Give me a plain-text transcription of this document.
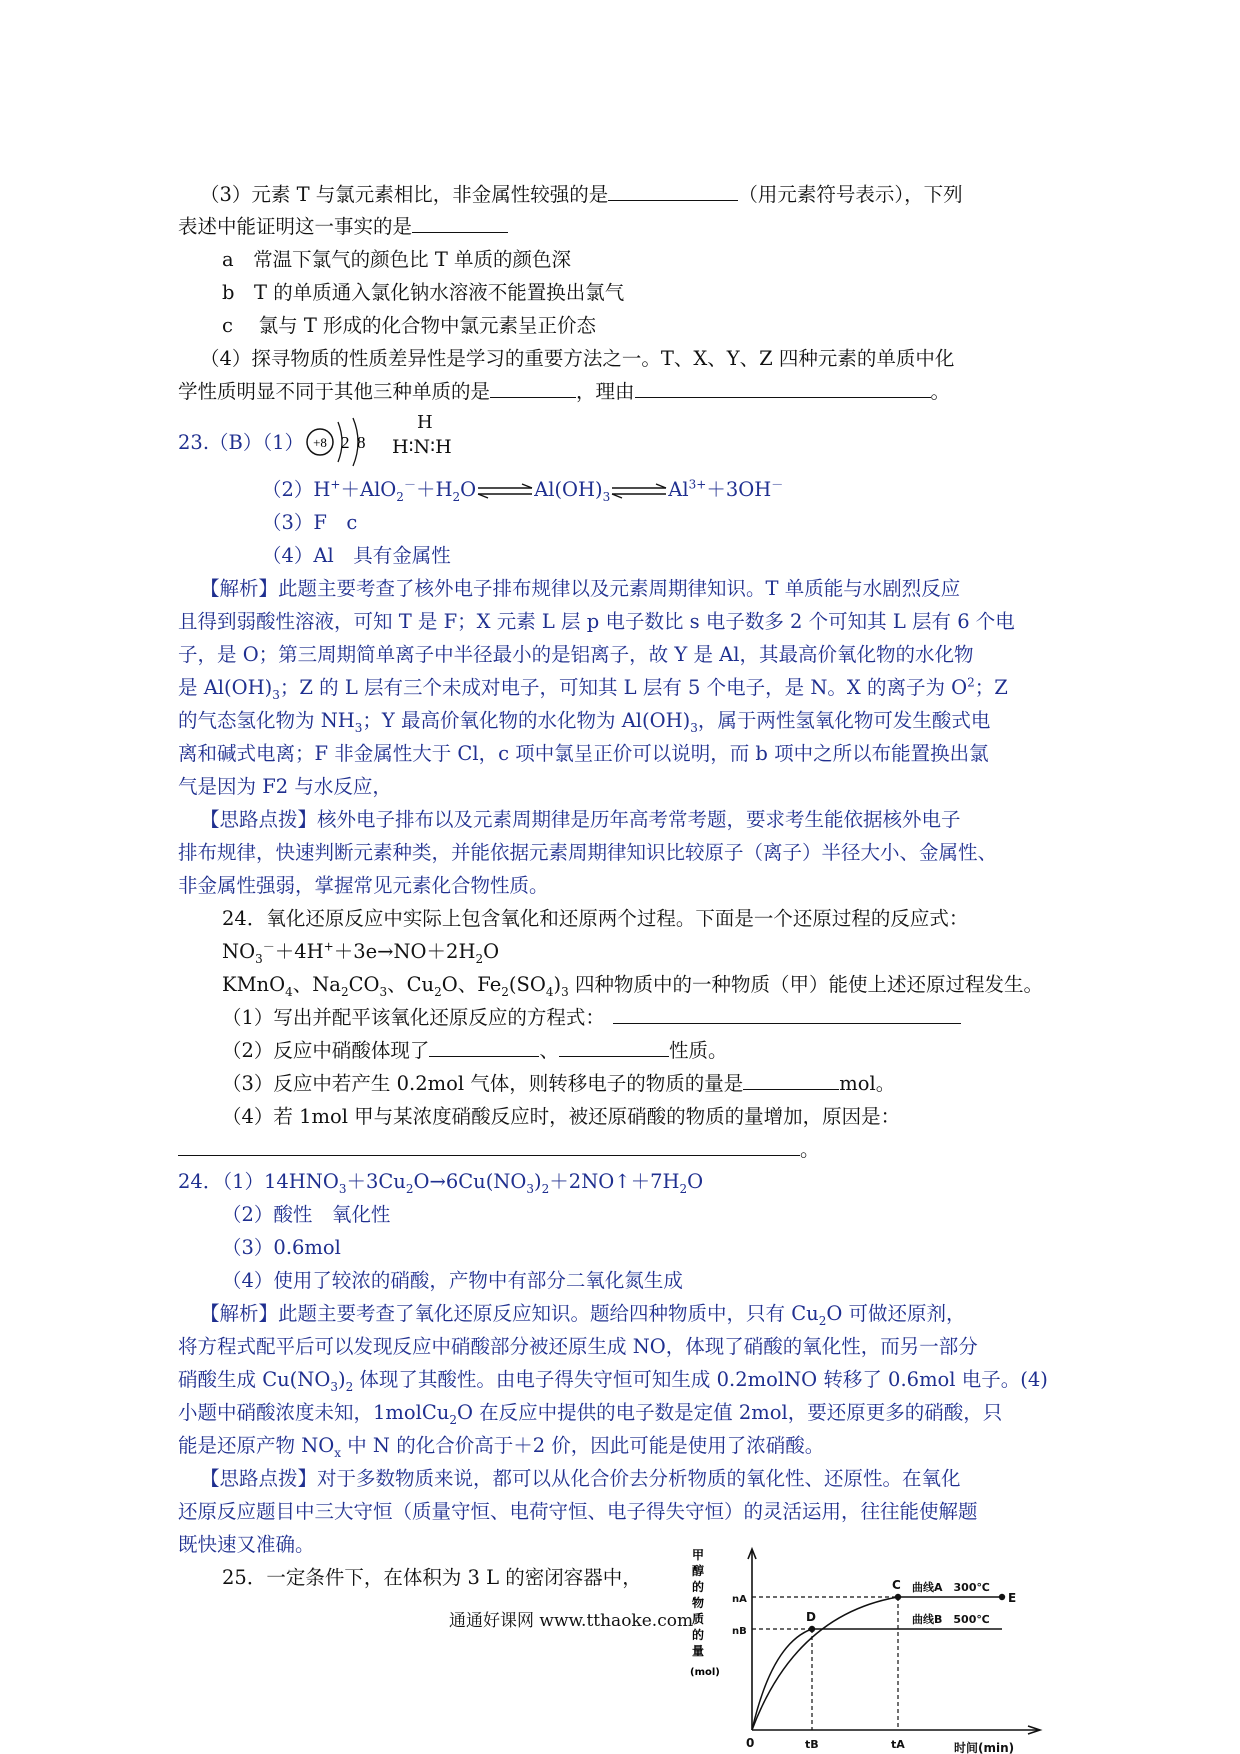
（3）元素 T 与氯元素相比，非金属性较强的是	（用元素符号表示），下列
表述中能证明这一事实的是
a　常温下氯气的颜色比 T 单质的颜色深
b　T 的单质通入氯化钠水溶液不能置换出氯气
c　 氯与 T 形成的化合物中氯元素呈正价态
（4）探寻物质的性质差异性是学习的重要方法之一。T、X、Y、Z 四种元素的单质中化
学性质明显不同于其他三种单质的是	，理由	。
23.（B）（1） +8 2 8
H
H∶N∶H
$(2)H^++AlO_2^-+H_2O\rightleftharpoons Al(OH)_3\rightleftharpoons Al^{3+}+3OH^-$
（3）F　c
（4）Al　具有金属性
【解析】此题主要考查了核外电子排布规律以及元素周期律知识。T 单质能与水剧烈反应
且得到弱酸性溶液，可知 T 是 F；X 元素 L 层 p 电子数比 s 电子数多 2 个可知其 L 层有 6 个电
子，是 O；第三周期简单离子中半径最小的是铝离子，故 Y 是 Al，其最高价氧化物的水化物
是 $Al(OH)_3$；Z 的 L 层有三个未成对电子，可知其 L 层有 5 个电子，是 N。X 的离子为 $O^2$；Z
的气态氢化物为 $NH_3$；Y 最高价氧化物的水化物为 $Al(OH)_3$，属于两性氢氧化物可发生酸式电
离和碱式电离；F 非金属性大于 Cl，c 项中氯呈正价可以说明，而 b 项中之所以布能置换出氯
气是因为 F2 与水反应，
【思路点拨】核外电子排布以及元素周期律是历年高考常考题，要求考生能依据核外电子
排布规律，快速判断元素种类，并能依据元素周期律知识比较原子（离子）半径大小、金属性、
非金属性强弱，掌握常见元素化合物性质。
24．氧化还原反应中实际上包含氧化和还原两个过程。下面是一个还原过程的反应式：
$NO_3^-+4H^++3e\to NO+2H_2O$
KMnO$_4$、$Na_2CO_3$、$Cu_2O$、$Fe_2(SO_4)_3$ 四种物质中的一种物质（甲）能使上述还原过程发生。
（1）写出并配平该氧化还原反应的方程式：
（2）反应中硝酸体现了	、	性质。
（3）反应中若产生 0.2mol 气体，则转移电子的物质的量是	mol。
（4）若 1mol 甲与某浓度硝酸反应时，被还原硝酸的物质的量增加，原因是：
。
24．$(1)14HNO_3+3Cu_2O\to 6Cu(NO_3)_2+2NO↑+7H_2O$
（2）酸性　氧化性
（3）0.6mol
（4）使用了较浓的硝酸，产物中有部分二氧化氮生成
【解析】此题主要考查了氧化还原反应知识。题给四种物质中，只有 $Cu_2O$ 可做还原剂，
将方程式配平后可以发现反应中硝酸部分被还原生成 NO，体现了硝酸的氧化性，而另一部分
硝酸生成 $Cu(NO_3)_2$ 体现了其酸性。由电子得失守恒可知生成 0.2molNO 转移了 0.6mol 电子。(4)
小题中硝酸浓度未知，1molCu$_2$O 在反应中提供的电子数是定值 2mol，要还原更多的硝酸，只
能是还原产物 $NO_x$ 中 N 的化合价高于＋2 价，因此可能是使用了浓硝酸。
【思路点拨】对于多数物质来说，都可以从化合价去分析物质的氧化性、还原性。在氧化
还原反应题目中三大守恒（质量守恒、电荷守恒、电子得失守恒）的灵活运用，往往能使解题
既快速又准确。
25．一定条件下，在体积为 3 L 的密闭容器中，	C
D
E
曲线A　300℃
曲线B　500℃
nA
nB
0	tB	tA	时间(min)
甲
醇
的
物
质
的
量
(mol)
通通好课网 www.tthaoke.com
